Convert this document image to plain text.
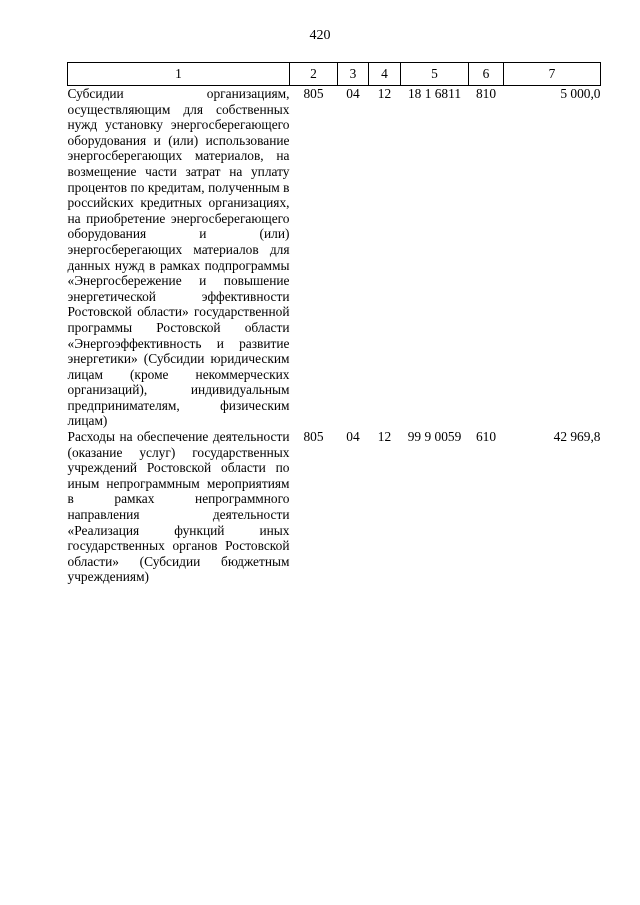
420
1	2	3	4	5	6	7
Субсидии организациям, осуществляющим для собственных нужд установку энергосберегающего оборудования и (или) использование энергосберегающих материалов, на возмещение части затрат на уплату процентов по кредитам, полученным в российских кредитных организациях, на приобретение энергосберегающего оборудования и (или) энергосберегающих материалов для данных нужд в рамках подпрограммы «Энергосбережение и повышение энергетической эффективности Ростовской области» государственной программы Ростовской области «Энергоэффективность и развитие энергетики» (Субсидии юридическим лицам (кроме некоммерческих организаций), индивидуальным предпринимателям, физическим лицам)	805	04	12	18 1 6811	810	5 000,0
Расходы на обеспечение деятельности (оказание услуг) государственных учреждений Ростовской области по иным непрограммным мероприятиям в рамках непрограммного направления деятельности «Реализация функций иных государственных органов Ростовской области» (Субсидии бюджетным учреждениям)	805	04	12	99 9 0059	610	42 969,8
